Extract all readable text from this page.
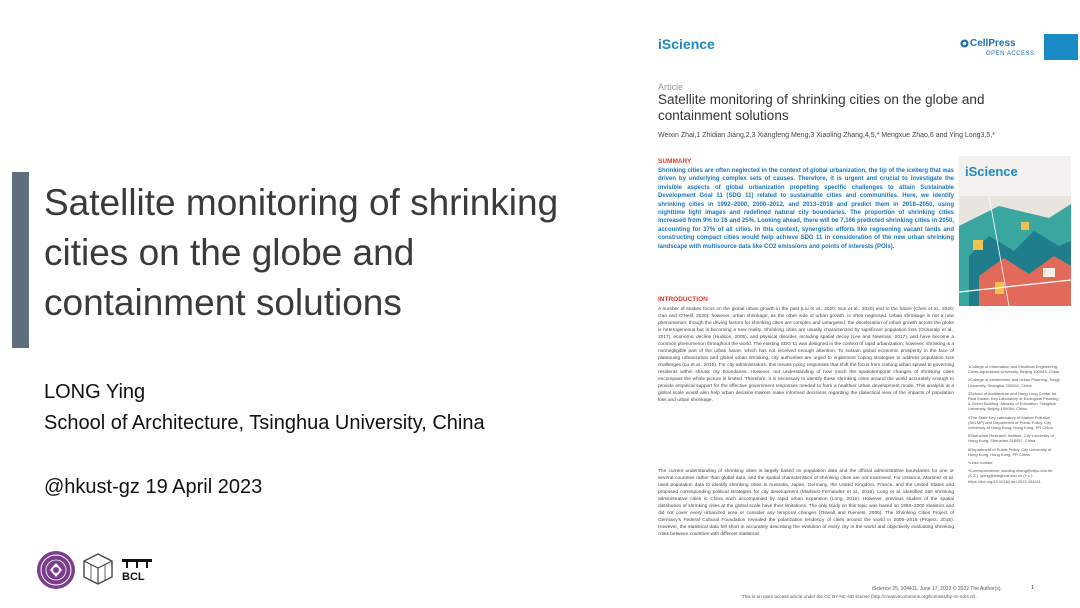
Satellite monitoring of shrinking cities on the globe and containment solutions
LONG Ying
School of Architecture, Tsinghua University, China
@hkust-gz 19 April 2023
BCL
iScience	CellPress
OPEN ACCESS
Article
Satellite monitoring of shrinking cities on the globe and containment solutions
Weixin Zhai,1 Zhidian Jiang,2,3 Xiangfeng Meng,3 Xiaoling Zhang,4,5,* Mengxue Zhao,6 and Ying Long3,5,*
SUMMARY
Shrinking cities are often neglected in the context of global urbanization, the tip of the iceberg that was driven by underlying complex sets of causes. Therefore, it is urgent and crucial to investigate the invisible aspects of global urbanization propelling specific challenges to attain Sustainable Development Goal 11 (SDG 11) related to sustainable cities and communities. Here, we identify shrinking cities in 1992–2000, 2000–2012, and 2013–2018 and predict them in 2018–2050, using nighttime light images and redefined natural city boundaries. The proportion of shrinking cities increased from 9% to 16 and 25%. Looking ahead, there will be 7,166 predicted shrinking cities in 2050, accounting for 37% of all cities. In this context, synergistic efforts like regreening vacant lands and constructing compact cities would help achieve SDG 11 in consideration of the new urban shrinking landscape with multisource data like CO2 emissions and points of interests (POIs).
iScience
INTRODUCTION
A number of studies focus on the global urban growth in the past (Liu et al., 2020; Sun et al., 2020) and to the future (Chen et al., 2020; Gao and O'Neill, 2020); however, urban shrinkage, as the other side of urban growth, is often neglected. Urban shrinkage is not a new phenomenon; though the driving factors for shrinking cities are complex and untargeted, the deceleration of urban growth across the globe is heterogeneous but is becoming a new reality. Shrinking cities are usually characterized by significant population loss (Güneralp et al., 2017), economic decline (Hudson, 2005), and physical disorder, including spatial decay (Lee and Newman, 2017), and have become a common phenomenon throughout the world. The existing SDG 11 was designed in the context of rapid urbanization; however, shrinking is a nonnegligible part of the urban future, which has not received enough attention. To sustain global economic prosperity in the face of plateauing urbanization and global urban shrinking, city authorities are urged to implement coping strategies to address population loss challenges (Lu et al., 2015). For city administrators, this means policy responses that shift the focus from curbing urban sprawl to governing residents within shrunk city boundaries. However, our understanding of how much the spatiotemporal changes of shrinking cities encompass the whole picture is limited. Therefore, it is necessary to identify these shrinking cities around the world accurately enough to provide empirical support for the effective government responses needed to form a healthier urban development mode. This analysis at a global scale would also help urban decision-makers make informed decisions regarding the dialectical view of the impacts of population loss and urban shrinkage.
The current understanding of shrinking cities is largely based on population data and the official administrative boundaries for one or several countries rather than global data, and the spatial characteristics of shrinking cities are not examined. For instance, Martinez et al. used population data to identify shrinking cities in Australia, Japan, Germany, the United Kingdom, France, and the United States and proposed corresponding political strategies for city development (Martinez-Fernandez et al., 2016). Long et al. identified 180 shrinking administrative cities in China each accompanied by rapid urban expansion (Long, 2016). However, previous studies of the spatial distribution of shrinking cities at the global scale have their limitations. The only study on this topic was based on 1950–2000 statistics and did not cover every urbanized area or consider any temporal changes (Oswalt and Rieniets, 2006). The Shrinking Cities Project of Germany's Federal Cultural Foundation revealed the polarization tendency of cities around the world in 2005–2015 (Project, 2015). However, the statistical data fell short in accurately describing the evolution of every city in the world and objectively evaluating shrinking cities between countries with different statistical

1College of Information and Electrical Engineering, China Agricultural University, Beijing 100083, China

2College of Architecture and Urban Planning, Tongji University, Shanghai 200092, China

3School of Architecture and Hang Lung Center for Real Estate, Key Laboratory of Ecological Planning & Green Building, Ministry of Education, Tsinghua University, Beijing 100084, China

4The State Key Laboratory of Marine Pollution (SKLMP) and Department of Public Policy, City University of Hong Kong, Hong Kong, PR China

5Shenzhen Research Institute, City University of Hong Kong, Shenzhen 518057, China

6Department of Public Policy, City University of Hong Kong, Hong Kong, PR China

*Lead contact

*Correspondence: xiaoling.zhang@cityu.edu.hk (X.Z.), ylong@tsinghua.edu.cn (Y.L.) https://doi.org/10.1016/j.isci.2022.104411

iScience 25, 104411, June 17, 2022 © 2022 The Author(s).	1
This is an open access article under the CC BY-NC-ND license (http://creativecommons.org/licenses/by-nc-nd/4.0/).
